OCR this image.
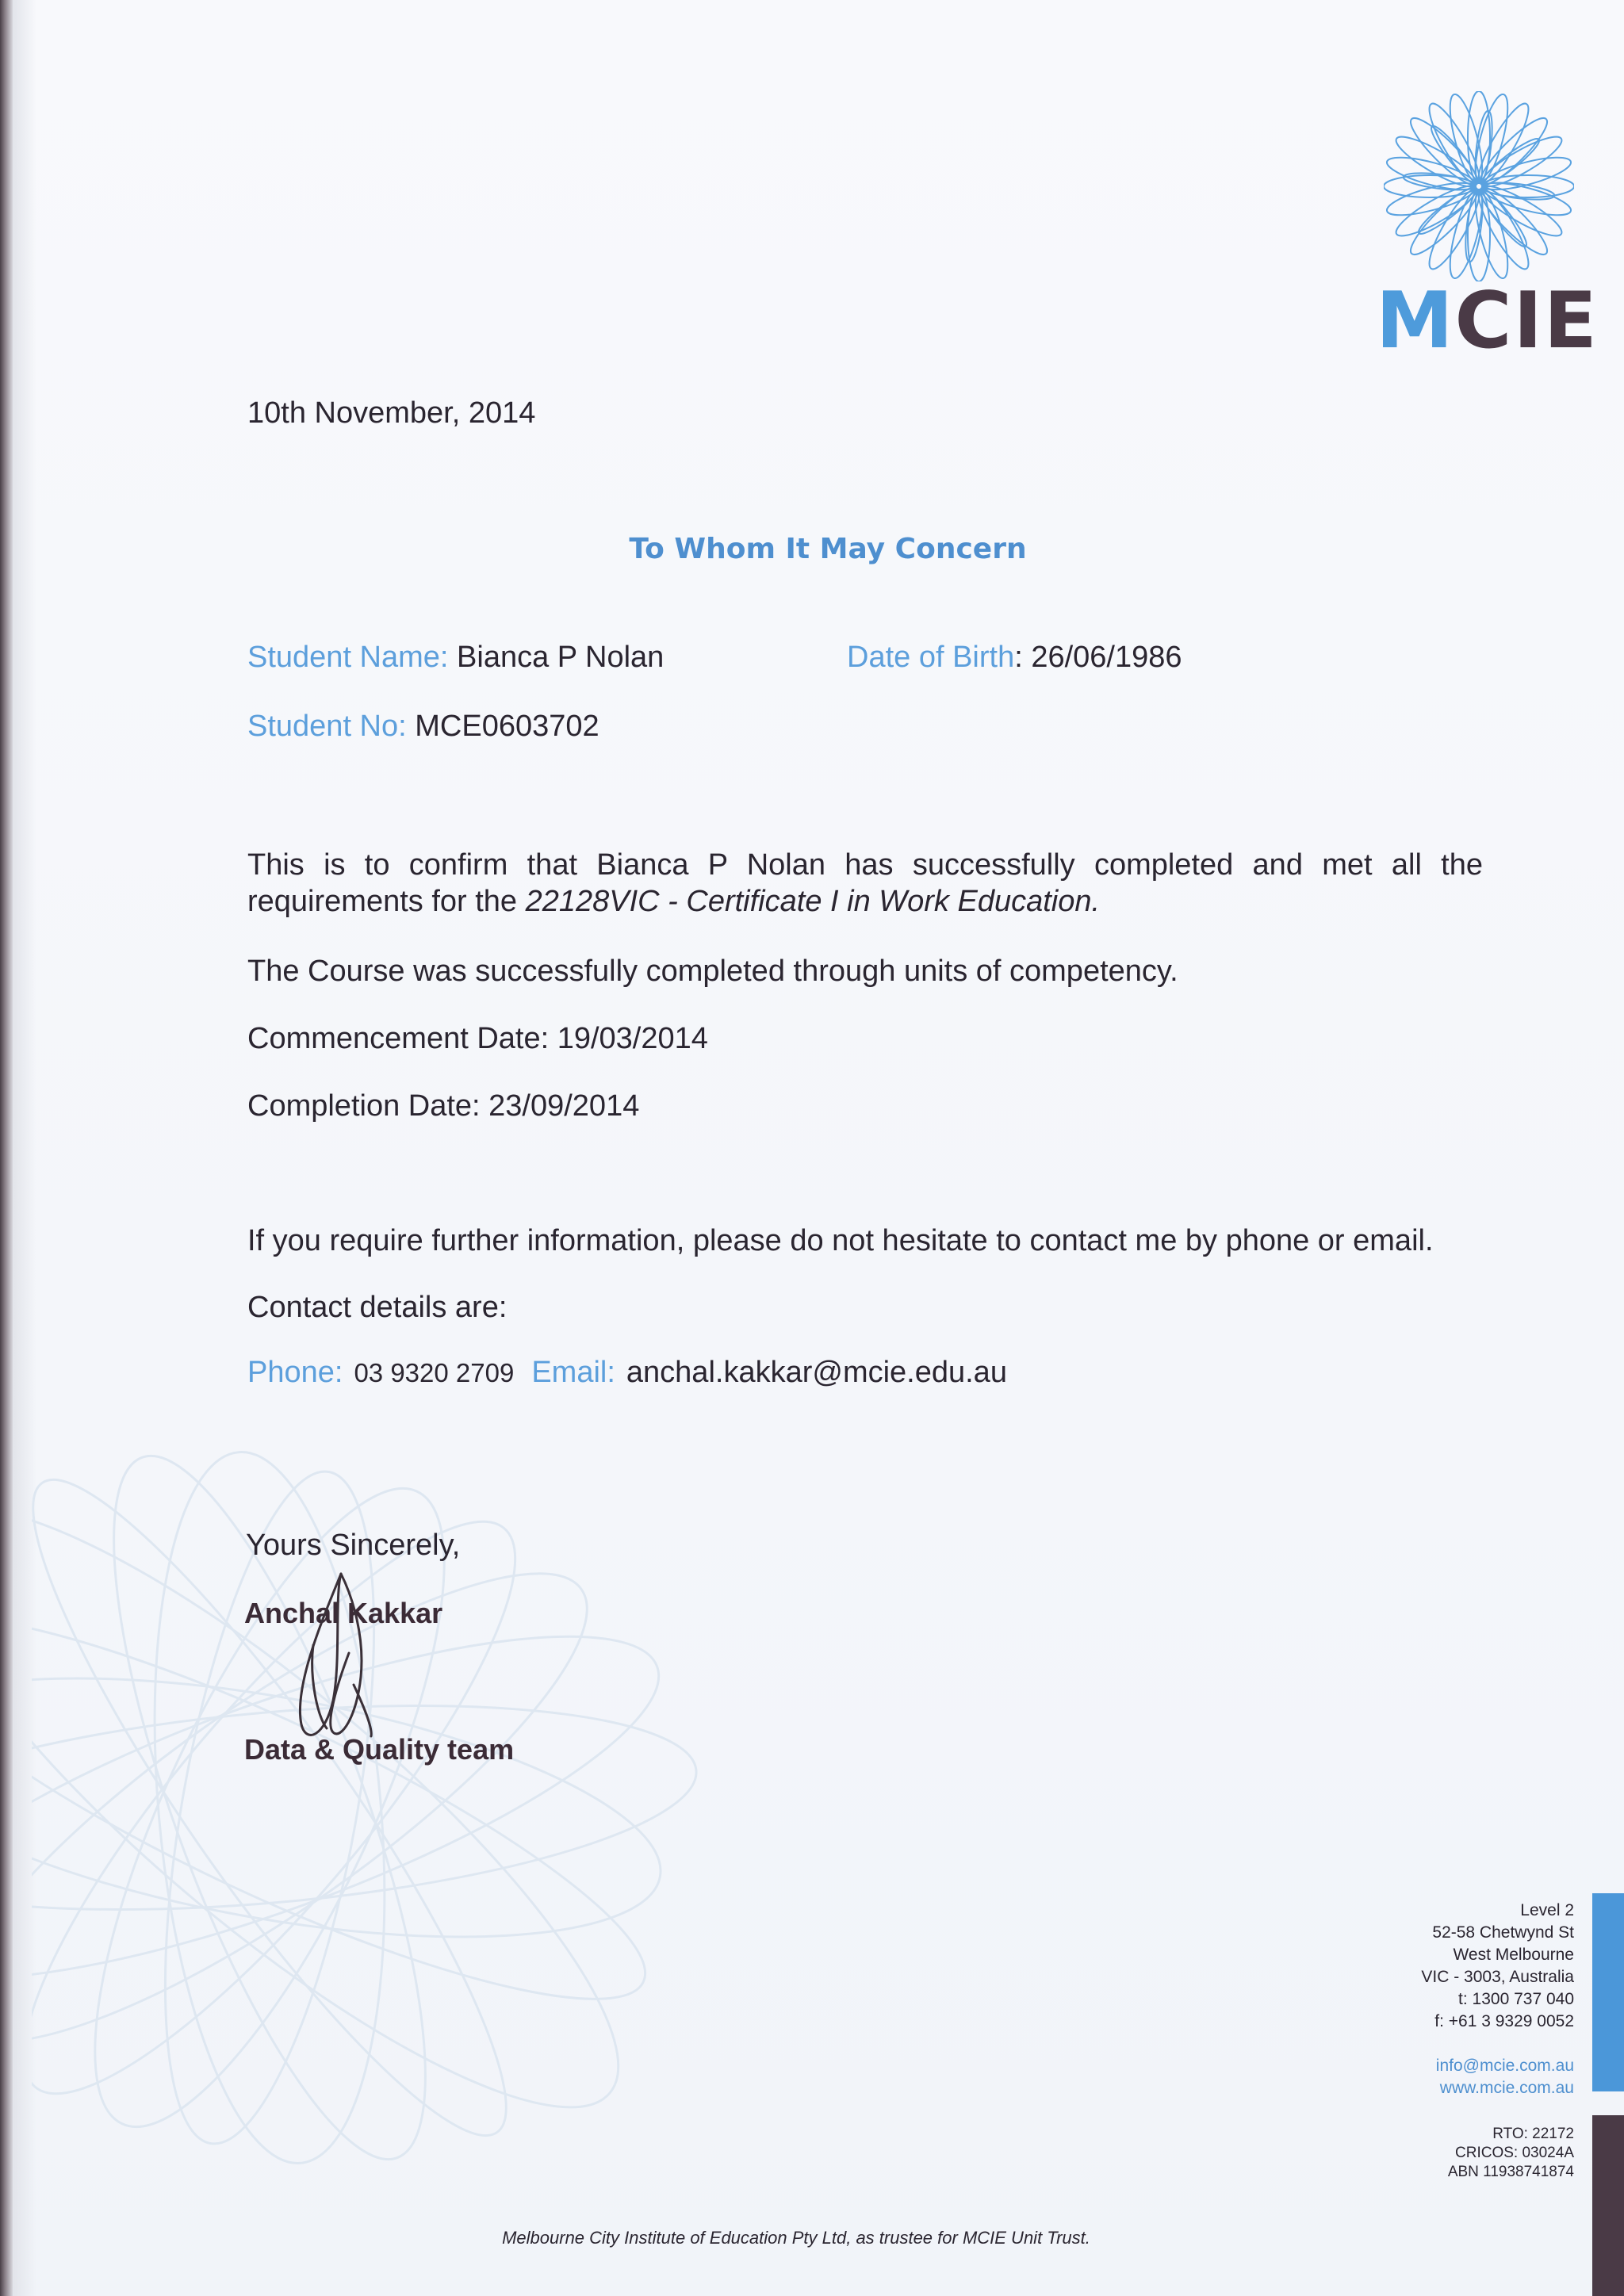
MCIE
10th November, 2014
To Whom It May Concern
Student Name: Bianca P Nolan	Date of Birth: 26/06/1986
Student No: MCE0603702
This is to confirm that Bianca P Nolan has successfully completed and met all the
requirements for the 22128VIC - Certificate I in Work Education.
The Course was successfully completed through units of competency.
Commencement Date: 19/03/2014
Completion Date: 23/09/2014
If you require further information, please do not hesitate to contact me by phone or email.
Contact details are:
Phone: 03 9320 2709 Email: anchal.kakkar@mcie.edu.au
Yours Sincerely,
Anchal Kakkar
Data & Quality team
Level 2
52-58 Chetwynd St
West Melbourne
VIC - 3003, Australia
t: 1300 737 040
f: +61 3 9329 0052
info@mcie.com.au
www.mcie.com.au
RTO: 22172
CRICOS: 03024A
ABN 11938741874
Melbourne City Institute of Education Pty Ltd, as trustee for MCIE Unit Trust.
